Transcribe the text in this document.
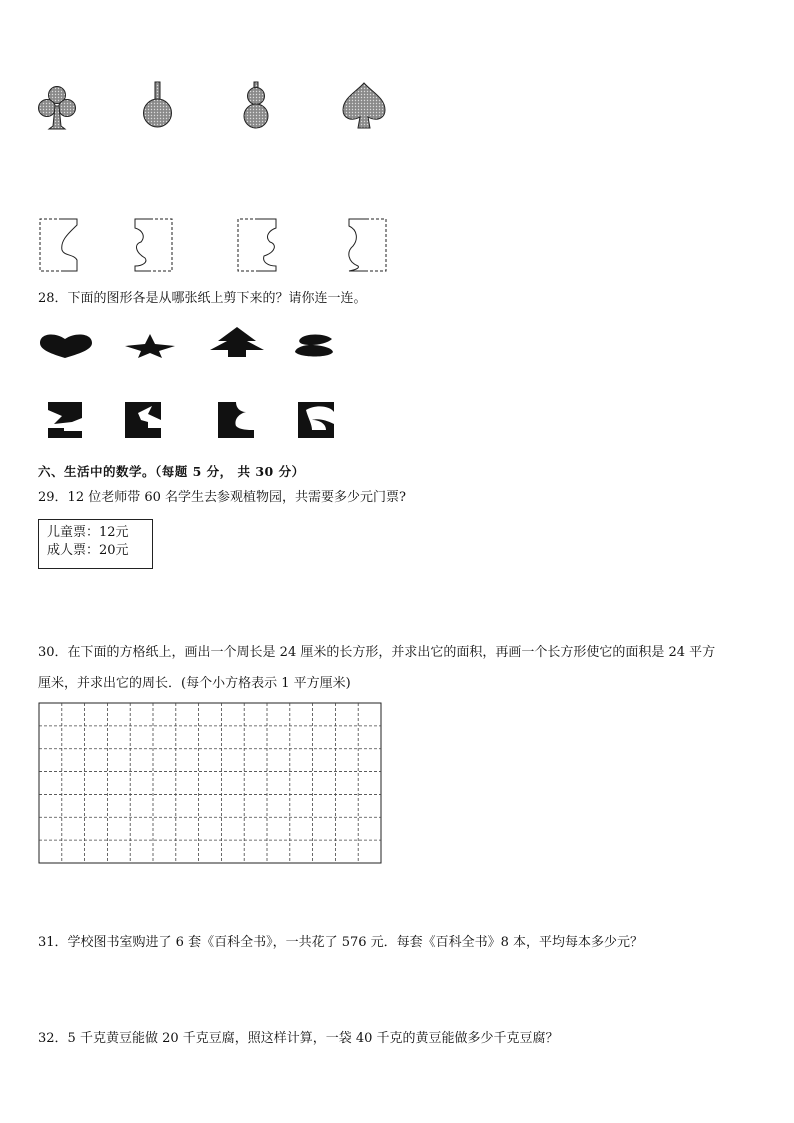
28．下面的图形各是从哪张纸上剪下来的？请你连一连。
六、生活中的数学。（每题 5 分， 共 30 分）
29．12 位老师带 60 名学生去参观植物园，共需要多少元门票?
儿童票：12元
成人票：20元
30．在下面的方格纸上，画出一个周长是 24 厘米的长方形，并求出它的面积，再画一个长方形使它的面积是 24 平方
厘米，并求出它的周长．(每个小方格表示 1 平方厘米)
31．学校图书室购进了 6 套《百科全书》，一共花了 576 元．每套《百科全书》8 本，平均每本多少元？
32．5 千克黄豆能做 20 千克豆腐，照这样计算，一袋 40 千克的黄豆能做多少千克豆腐？
